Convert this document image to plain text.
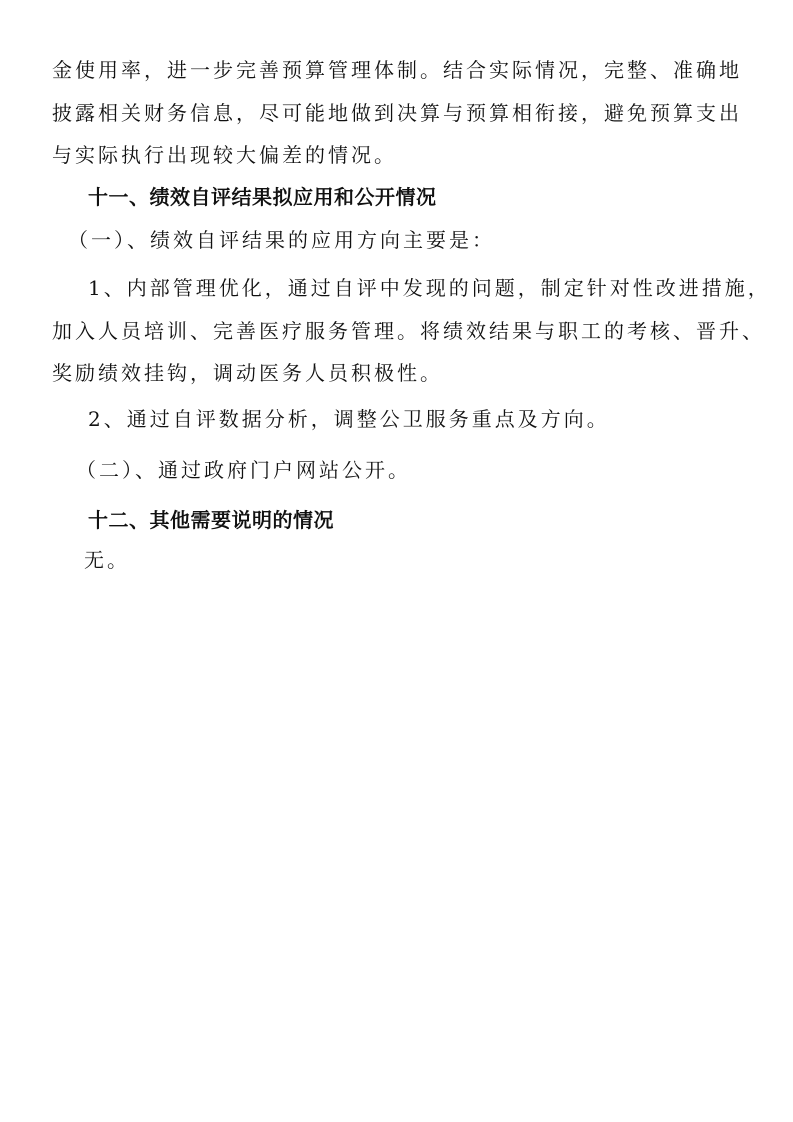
金使用率，进一步完善预算管理体制。结合实际情况，完整、准确地
披露相关财务信息，尽可能地做到决算与预算相衔接，避免预算支出
与实际执行出现较大偏差的情况。
十一、绩效自评结果拟应用和公开情况
（一）、绩效自评结果的应用方向主要是：
1、内部管理优化，通过自评中发现的问题，制定针对性改进措施，
加入人员培训、完善医疗服务管理。将绩效结果与职工的考核、晋升、
奖励绩效挂钩，调动医务人员积极性。
2、通过自评数据分析，调整公卫服务重点及方向。
（二）、通过政府门户网站公开。
十二、其他需要说明的情况
无。
